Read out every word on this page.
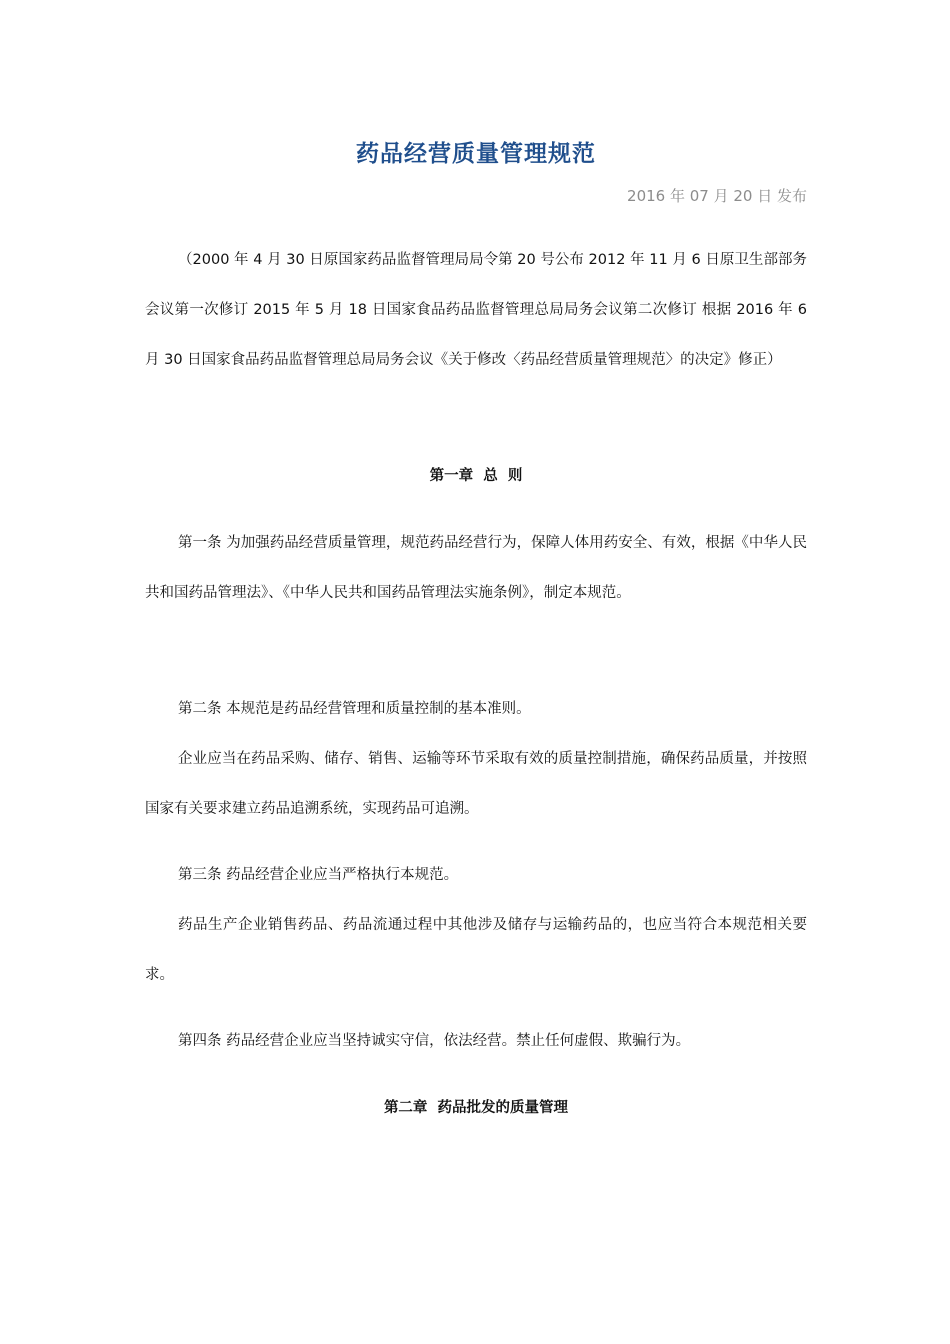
药品经营质量管理规范
2016 年 07 月 20 日 发布

（2000 年 4 月 30 日原国家药品监督管理局局令第 20 号公布 2012 年 11 月 6 日原卫生部部务会议第一次修订 2015 年 5 月 18 日国家食品药品监督管理总局局务会议第二次修订 根据 2016 年 6 月 30 日国家食品药品监督管理总局局务会议《关于修改〈药品经营质量管理规范〉的决定》修正）

第一章  总  则

第一条 为加强药品经营质量管理，规范药品经营行为，保障人体用药安全、有效，根据《中华人民共和国药品管理法》、《中华人民共和国药品管理法实施条例》，制定本规范。

第二条 本规范是药品经营管理和质量控制的基本准则。

企业应当在药品采购、储存、销售、运输等环节采取有效的质量控制措施，确保药品质量，并按照国家有关要求建立药品追溯系统，实现药品可追溯。

第三条 药品经营企业应当严格执行本规范。

药品生产企业销售药品、药品流通过程中其他涉及储存与运输药品的，也应当符合本规范相关要求。

第四条 药品经营企业应当坚持诚实守信，依法经营。禁止任何虚假、欺骗行为。

第二章  药品批发的质量管理
